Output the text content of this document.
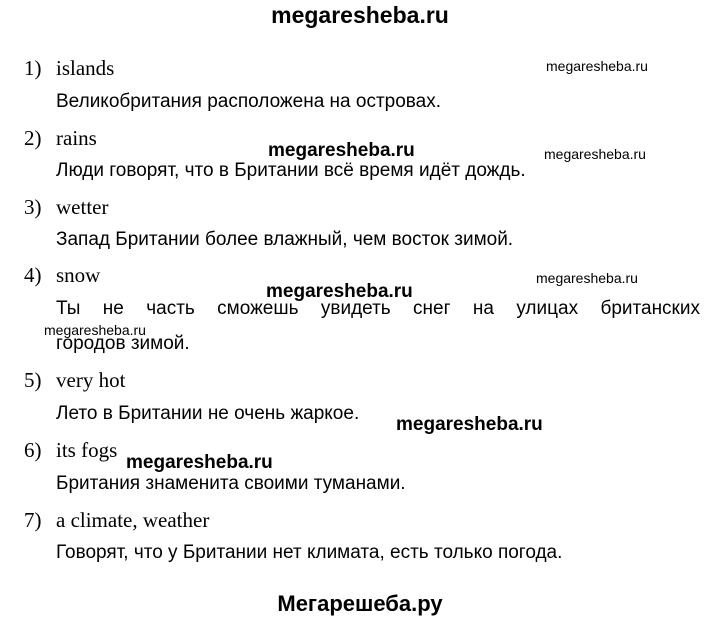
megaresheba.ru
1) islands
Великобритания расположена на островах.
2) rains
Люди говорят, что в Британии всё время идёт дождь.
3) wetter
Запад Британии более влажный, чем восток зимой.
4) snow
Ты не часть сможешь увидеть снег на улицах британских
городов зимой.
5) very hot
Лето в Британии не очень жаркое.
6) its fogs
Британия знаменита своими туманами.
7) a climate, weather
Говорят, что у Британии нет климата, есть только погода.
megaresheba.ru
megaresheba.ru
megaresheba.ru
megaresheba.ru
megaresheba.ru
megaresheba.ru
megaresheba.ru
megaresheba.ru
Мегарешеба.ру
